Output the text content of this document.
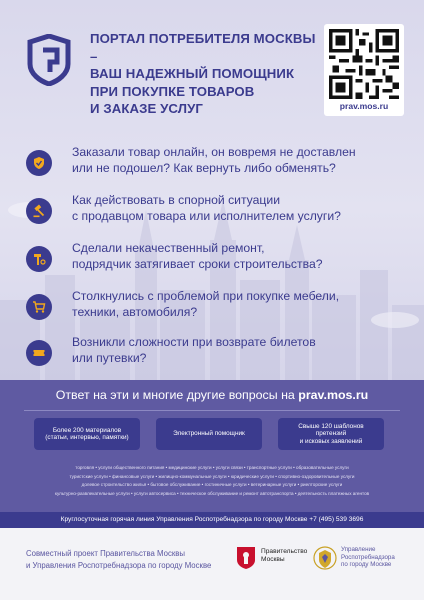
ПОРТАЛ ПОТРЕБИТЕЛЯ МОСКВЫ –
ВАШ НАДЕЖНЫЙ ПОМОЩНИК
ПРИ ПОКУПКЕ ТОВАРОВ
И ЗАКАЗЕ УСЛУГ	prav.mos.ru
Заказали товар онлайн, он вовремя не доставлен
или не подошел? Как вернуть либо обменять?
Как действовать в спорной ситуации
с продавцом товара или исполнителем услуги?
Сделали некачественный ремонт,
подрядчик затягивает сроки строительства?
Столкнулись с проблемой при покупке мебели,
техники, автомобиля?
Возникли сложности при возврате билетов
или путевки?
Ответ на эти и многие другие вопросы на prav.mos.ru
Более 200 материалов
(статьи, интервью, памятки)
Электронный помощник
Свыше 120 шаблонов
претензий
и исковых заявлений
торговля • услуги общественного питания • медицинские услуги • услуги связи • транспортные услуги • образовательные услуги
туристские услуги • финансовые услуги • жилищно-коммунальные услуги • юридические услуги • спортивно-оздоровительные услуги
долевое строительство жилья • бытовое обслуживание • гостиничные услуги • ветеринарные услуги • риелторские услуги
культурно-развлекательные услуги • услуги автосервиса • техническое обслуживание и ремонт автотранспорта • деятельность платежных агентов
Круглосуточная горячая линия Управления Роспотребнадзора по городу Москве +7 (495) 539 3696
Совместный проект Правительства Москвы
и Управления Роспотребнадзора по городу Москве
Правительство
Москвы
Управление
Роспотребнадзора
по городу Москве
